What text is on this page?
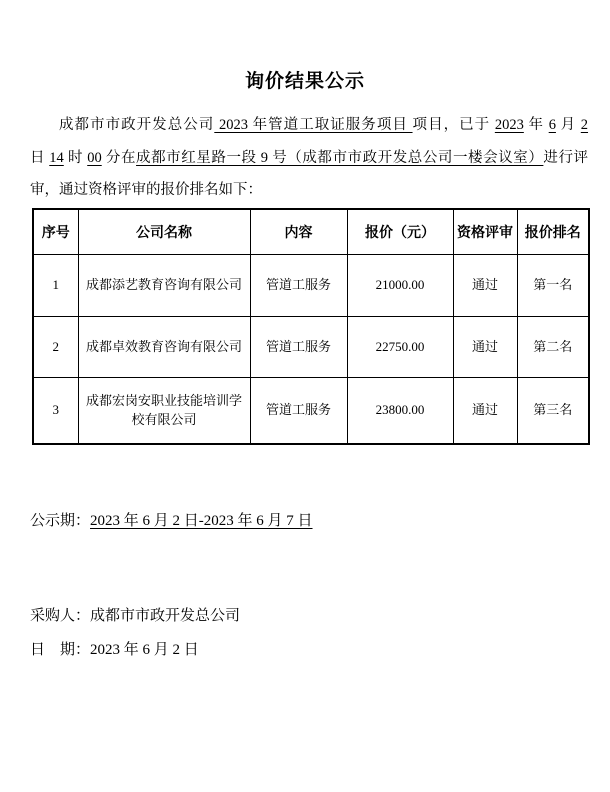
询价结果公示
成都市市政开发总公司 2023 年管道工取证服务项目 项目，已于 2023 年 6 月 2
日 14 时 00 分在成都市红星路一段 9 号（成都市市政开发总公司一楼会议室）进行评
审，通过资格评审的报价排名如下：
序号	公司名称	内容	报价（元）	资格评审	报价排名
1	成都添艺教育咨询有限公司	管道工服务	21000.00	通过	第一名
2	成都卓效教育咨询有限公司	管道工服务	22750.00	通过	第二名
3	成都宏岗安职业技能培训学校有限公司	管道工服务	23800.00	通过	第三名
公示期：2023 年 6 月 2 日-2023 年 6 月 7 日
采购人：成都市市政开发总公司
日　期：2023 年 6 月 2 日
